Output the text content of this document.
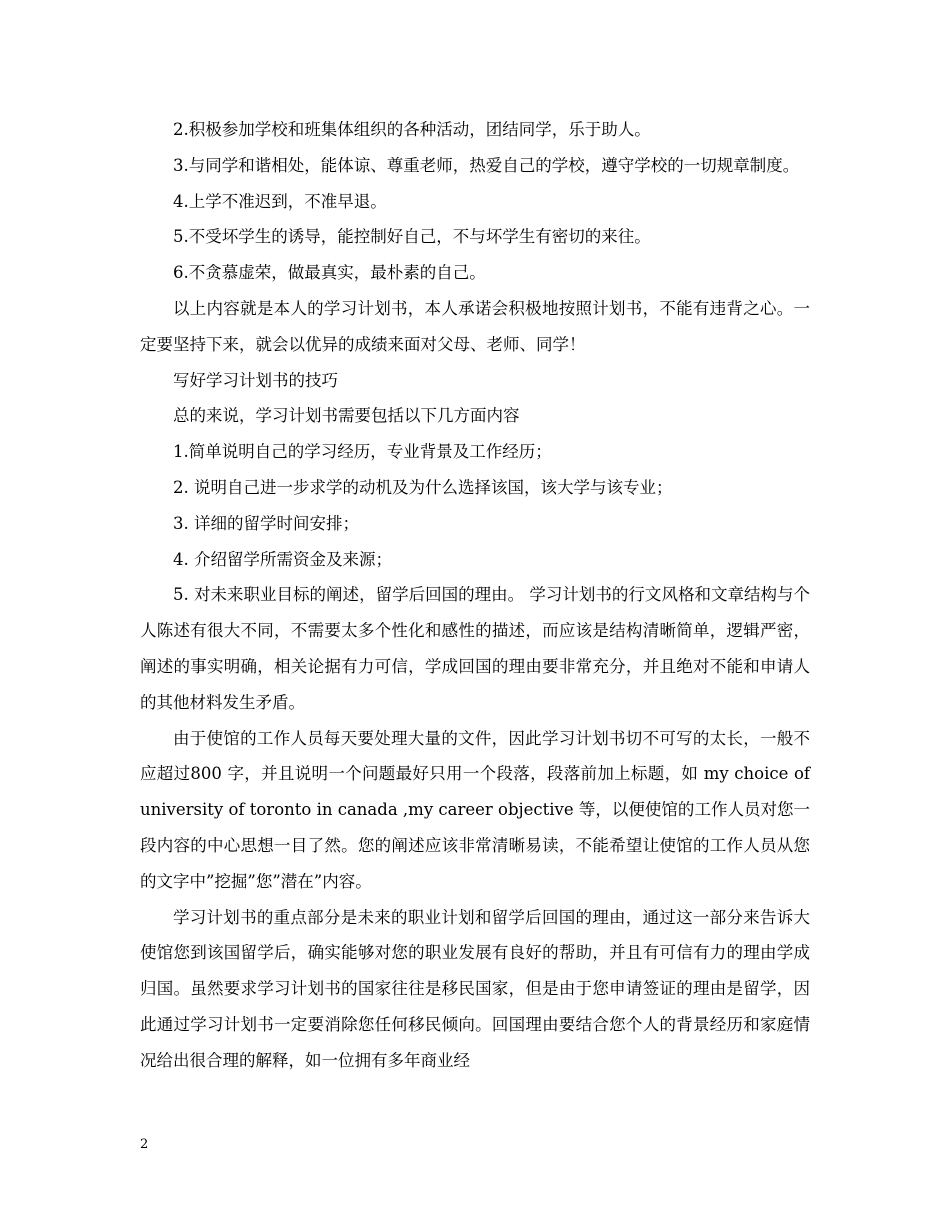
2.积极参加学校和班集体组织的各种活动，团结同学，乐于助人。

3.与同学和谐相处，能体谅、尊重老师，热爱自己的学校，遵守学校的一切规章制度。

4.上学不准迟到，不准早退。

5.不受坏学生的诱导，能控制好自己，不与坏学生有密切的来往。

6.不贪慕虚荣，做最真实，最朴素的自己。

以上内容就是本人的学习计划书，本人承诺会积极地按照计划书，不能有违背之心。一定要坚持下来，就会以优异的成绩来面对父母、老师、同学！

写好学习计划书的技巧

总的来说，学习计划书需要包括以下几方面内容

1.简单说明自己的学习经历，专业背景及工作经历；

2. 说明自己进一步求学的动机及为什么选择该国，该大学与该专业；

3. 详细的留学时间安排；

4. 介绍留学所需资金及来源；

5. 对未来职业目标的阐述，留学后回国的理由。 学习计划书的行文风格和文章结构与个人陈述有很大不同，不需要太多个性化和感性的描述，而应该是结构清晰简单，逻辑严密，阐述的事实明确，相关论据有力可信，学成回国的理由要非常充分，并且绝对不能和申请人的其他材料发生矛盾。

由于使馆的工作人员每天要处理大量的文件，因此学习计划书切不可写的太长，一般不应超过800 字，并且说明一个问题最好只用一个段落，段落前加上标题，如 my choice of university of toronto in canada ,my career objective 等，以便使馆的工作人员对您一段内容的中心思想一目了然。您的阐述应该非常清晰易读，不能希望让使馆的工作人员从您的文字中”挖掘”您”潜在”内容。

学习计划书的重点部分是未来的职业计划和留学后回国的理由，通过这一部分来告诉大使馆您到该国留学后，确实能够对您的职业发展有良好的帮助，并且有可信有力的理由学成归国。虽然要求学习计划书的国家往往是移民国家，但是由于您申请签证的理由是留学，因此通过学习计划书一定要消除您任何移民倾向。回国理由要结合您个人的背景经历和家庭情况给出很合理的解释，如一位拥有多年商业经

2
